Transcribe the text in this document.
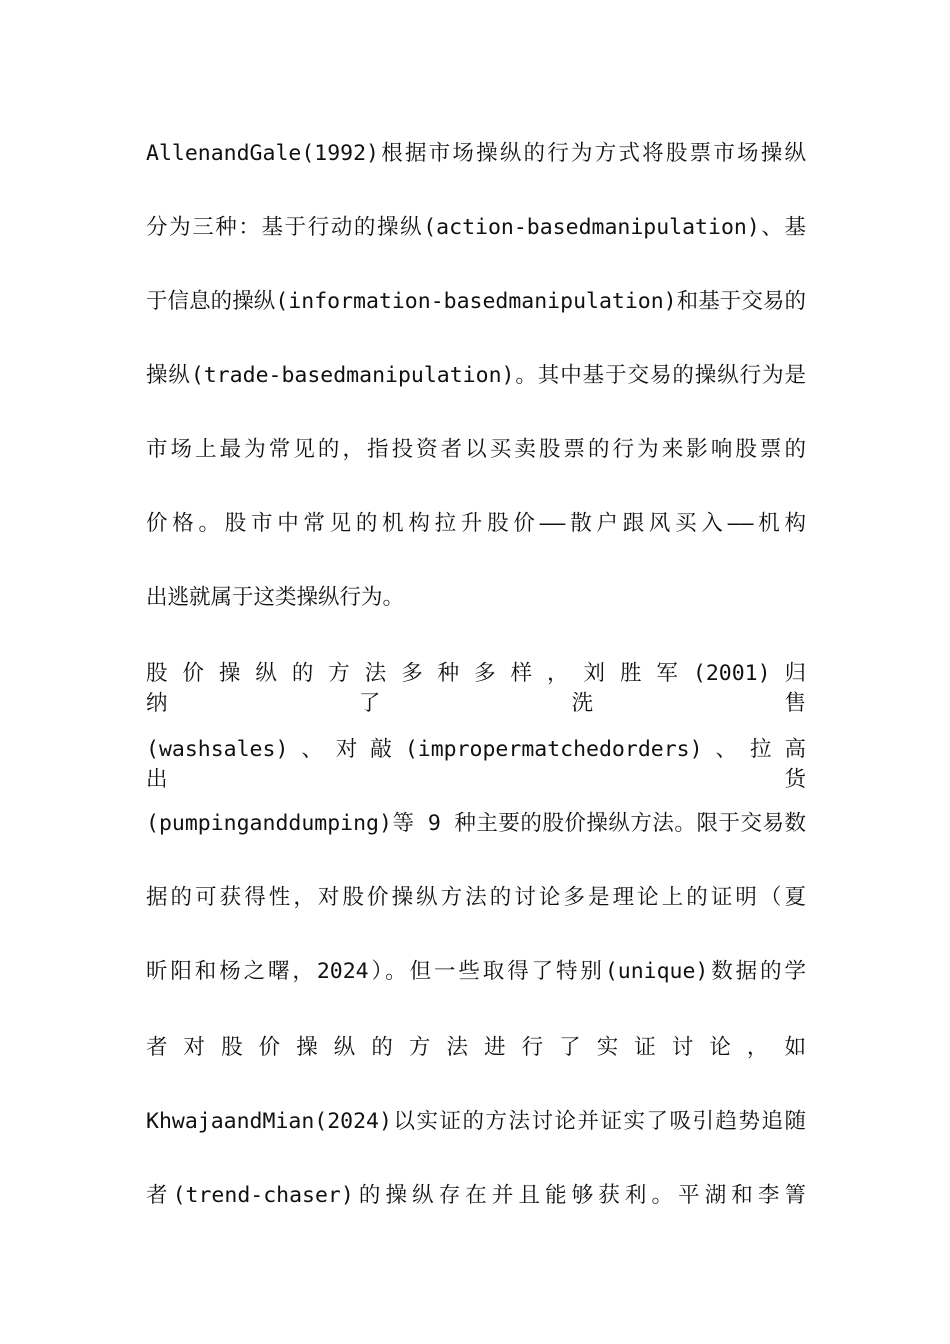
AllenandGale(1992)根据市场操纵的行为方式将股票市场操纵
分为三种：基于行动的操纵(action-basedmanipulation)、基
于信息的操纵(information-basedmanipulation)和基于交易的
操纵(trade-basedmanipulation)。其中基于交易的操纵行为是
市场上最为常见的，指投资者以买卖股票的行为来影响股票的
价格。股市中常见的机构拉升股价——散户跟风买入——机构
出逃就属于这类操纵行为。
股 价 操 纵 的 方 法 多 种 多 样 ， 刘 胜 军 (2001) 归 纳 了 洗 售
(washsales) 、 对 敲 (impropermatchedorders) 、 拉 高 出 货
(pumpinganddumping)等 9 种主要的股价操纵方法。限于交易数
据的可获得性，对股价操纵方法的讨论多是理论上的证明（夏
昕阳和杨之曙，2024）。但一些取得了特别(unique)数据的学
者 对 股 价 操 纵 的 方 法 进 行 了 实 证 讨 论 ， 如
KhwajaandMian(2024)以实证的方法讨论并证实了吸引趋势追随
者(trend-chaser)的操纵存在并且能够获利。平湖和李箐
